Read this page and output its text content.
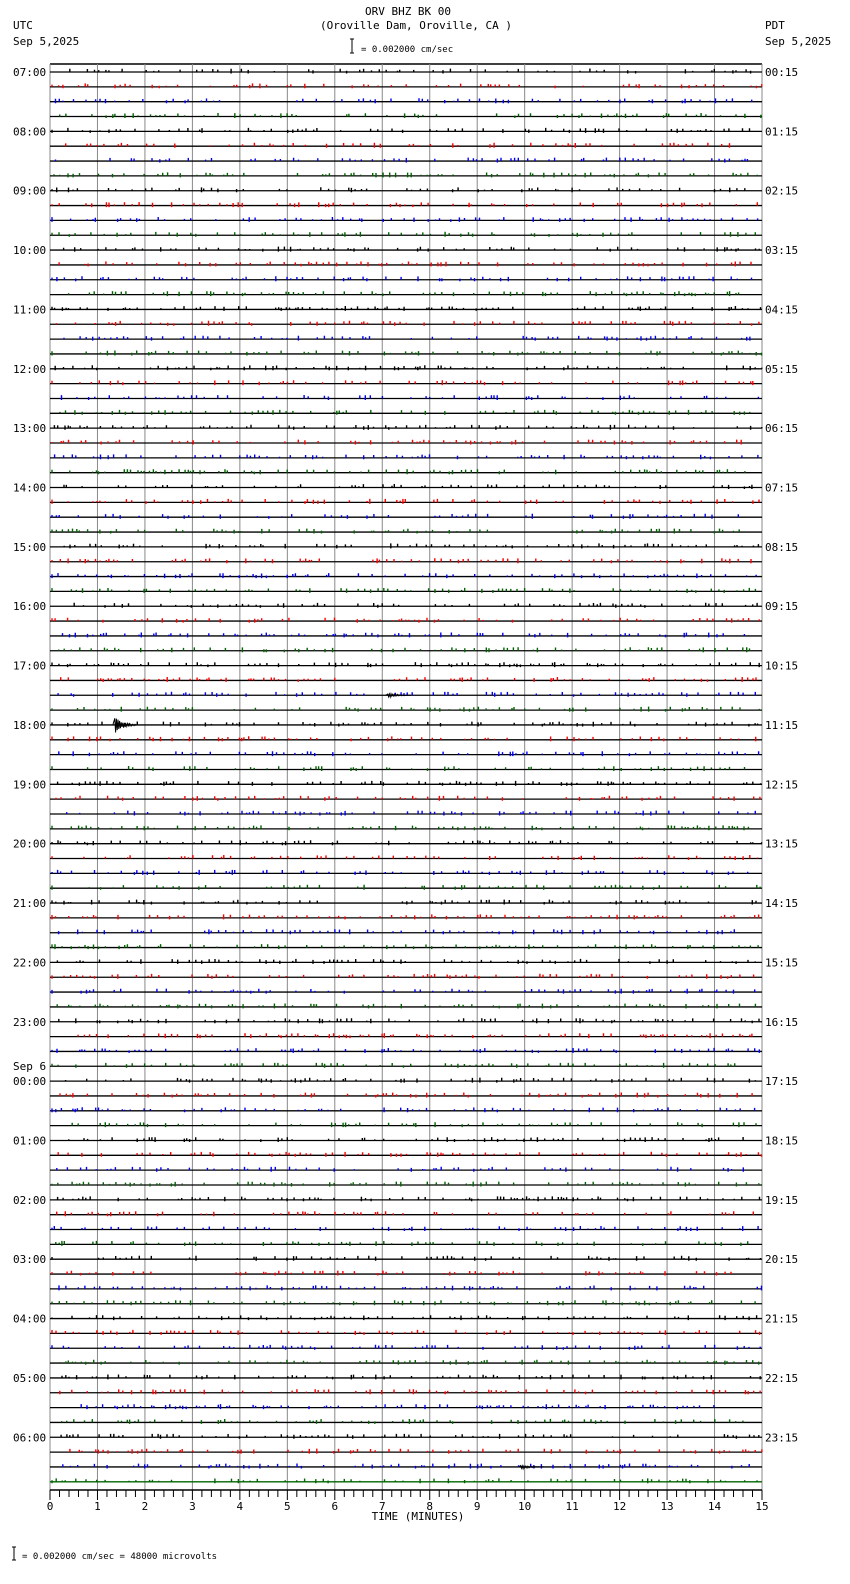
ORV BHZ BK 00
(Oroville Dam, Oroville, CA )
UTC
Sep 5,2025
PDT
Sep 5,2025
= 0.002000 cm/sec
07:00
08:00
09:00
10:00
11:00
12:00
13:00
14:00
15:00
16:00
17:00
18:00
19:00
20:00
21:00
22:00
23:00
00:00
Sep 6
01:00
02:00
03:00
04:00
05:00
06:00
00:15
01:15
02:15
03:15
04:15
05:15
06:15
07:15
08:15
09:15
10:15
11:15
12:15
13:15
14:15
15:15
16:15
17:15
18:15
19:15
20:15
21:15
22:15
23:15
0	1	2	3	4	5	6	7	8	9	10	11	12	13	14	15
TIME (MINUTES)
= 0.002000 cm/sec = 48000 microvolts
